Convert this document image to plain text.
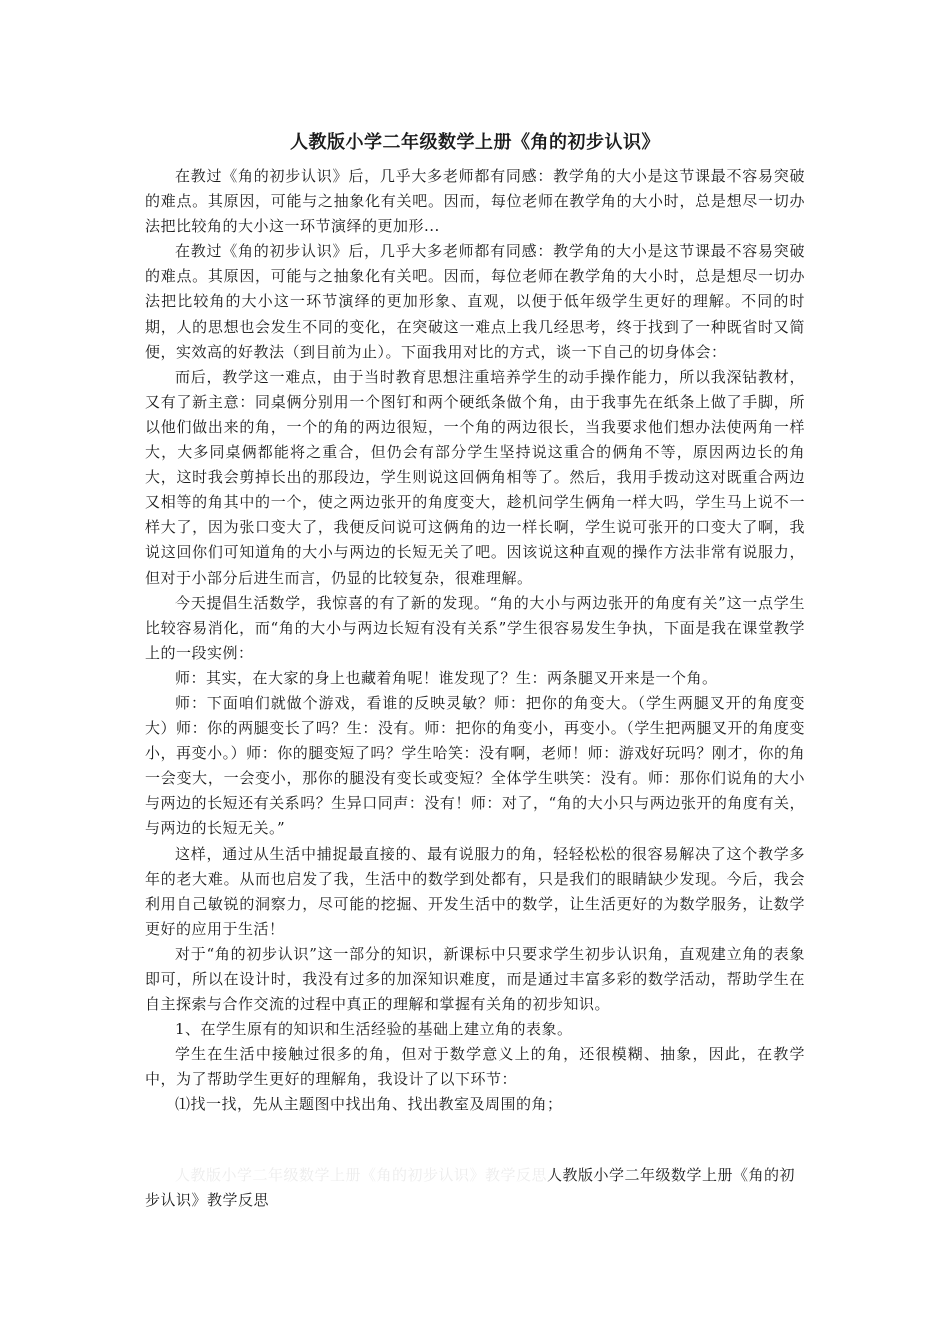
人教版小学二年级数学上册《角的初步认识》

在教过《角的初步认识》后，几乎大多老师都有同感：教学角的大小是这节课最不容易突破的难点。其原因，可能与之抽象化有关吧。因而，每位老师在教学角的大小时，总是想尽一切办法把比较角的大小这一环节演绎的更加形...

在教过《角的初步认识》后，几乎大多老师都有同感：教学角的大小是这节课最不容易突破的难点。其原因，可能与之抽象化有关吧。因而，每位老师在教学角的大小时，总是想尽一切办法把比较角的大小这一环节演绎的更加形象、直观，以便于低年级学生更好的理解。不同的时期，人的思想也会发生不同的变化，在突破这一难点上我几经思考，终于找到了一种既省时又简便，实效高的好教法（到目前为止）。下面我用对比的方式，谈一下自己的切身体会：

而后，教学这一难点，由于当时教育思想注重培养学生的动手操作能力，所以我深钻教材，又有了新主意：同桌俩分别用一个图钉和两个硬纸条做个角，由于我事先在纸条上做了手脚，所以他们做出来的角，一个的角的两边很短，一个角的两边很长，当我要求他们想办法使两角一样大，大多同桌俩都能将之重合，但仍会有部分学生坚持说这重合的俩角不等，原因两边长的角大，这时我会剪掉长出的那段边，学生则说这回俩角相等了。然后，我用手拨动这对既重合两边又相等的角其中的一个，使之两边张开的角度变大，趁机问学生俩角一样大吗，学生马上说不一样大了，因为张口变大了，我便反问说可这俩角的边一样长啊，学生说可张开的口变大了啊，我说这回你们可知道角的大小与两边的长短无关了吧。因该说这种直观的操作方法非常有说服力，但对于小部分后进生而言，仍显的比较复杂，很难理解。

今天提倡生活数学，我惊喜的有了新的发现。“角的大小与两边张开的角度有关”这一点学生比较容易消化，而“角的大小与两边长短有没有关系”学生很容易发生争执，下面是我在课堂教学上的一段实例：

师：其实，在大家的身上也藏着角呢！谁发现了？生：两条腿叉开来是一个角。

师：下面咱们就做个游戏，看谁的反映灵敏？师：把你的角变大。（学生两腿叉开的角度变大）师：你的两腿变长了吗？生：没有。师：把你的角变小，再变小。（学生把两腿叉开的角度变小，再变小。）师：你的腿变短了吗？学生哈笑：没有啊，老师！师：游戏好玩吗？刚才，你的角一会变大，一会变小，那你的腿没有变长或变短？全体学生哄笑：没有。师：那你们说角的大小与两边的长短还有关系吗？生异口同声：没有！师：对了，“角的大小只与两边张开的角度有关，与两边的长短无关。”

这样，通过从生活中捕捉最直接的、最有说服力的角，轻轻松松的很容易解决了这个教学多年的老大难。从而也启发了我，生活中的数学到处都有，只是我们的眼睛缺少发现。今后，我会利用自己敏锐的洞察力，尽可能的挖掘、开发生活中的数学，让生活更好的为数学服务，让数学更好的应用于生活！

对于“角的初步认识”这一部分的知识，新课标中只要求学生初步认识角，直观建立角的表象即可，所以在设计时，我没有过多的加深知识难度，而是通过丰富多彩的数学活动，帮助学生在自主探索与合作交流的过程中真正的理解和掌握有关角的初步知识。

1、在学生原有的知识和生活经验的基础上建立角的表象。

学生在生活中接触过很多的角，但对于数学意义上的角，还很模糊、抽象，因此，在教学中，为了帮助学生更好的理解角，我设计了以下环节：

⑴找一找，先从主题图中找出角、找出教室及周围的角；

人教版小学二年级数学上册《角的初步认识》教学反思人教版小学二年级数学上册《角的初步认识》教学反思
